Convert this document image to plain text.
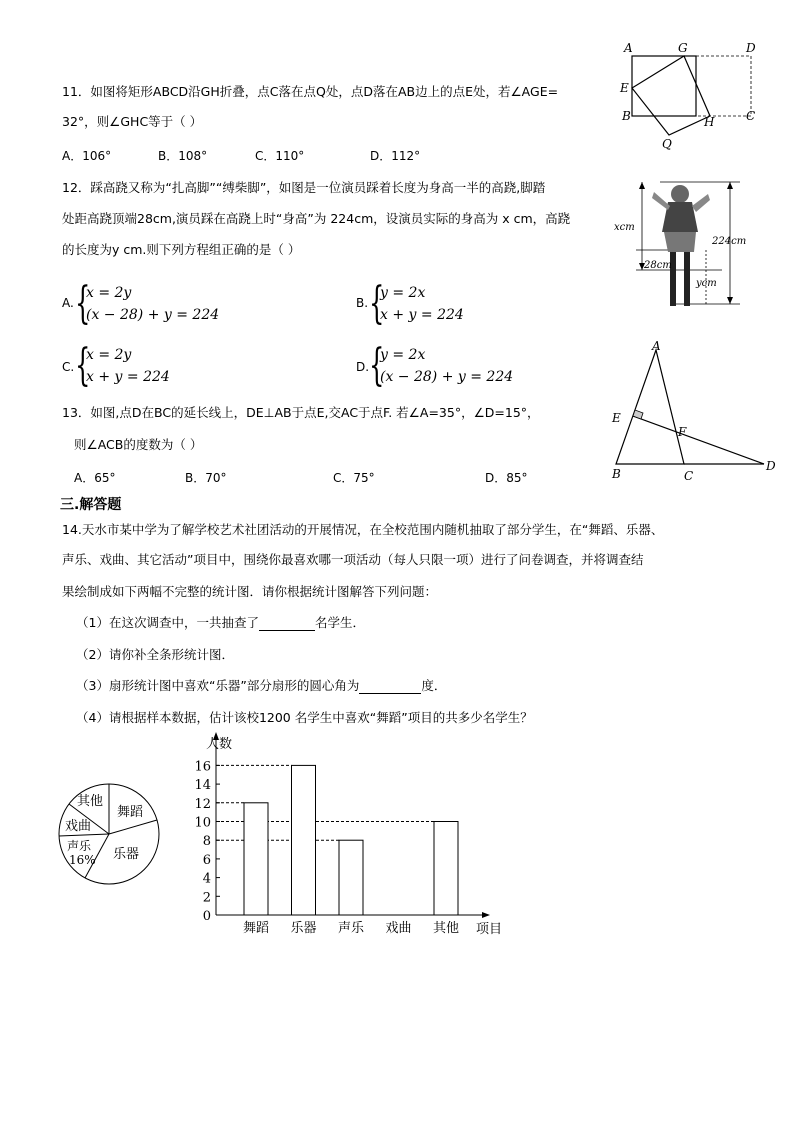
11．如图将矩形ABCD沿GH折叠，点C落在点Q处，点D落在AB边上的点E处，若∠AGE=
32°，则∠GHC等于（ ）
A．106°	B．108°	C．110°	D．112°
A	G	D
E
B	H	C
Q
12．踩高跷又称为“扎高脚”“缚柴脚”，如图是一位演员踩着长度为身高一半的高跷,脚踏
处距高跷顶端28cm,演员踩在高跷上时“身高”为 224cm，设演员实际的身高为 x cm，高跷
的长度为y cm.则下列方程组正确的是（ ）
A. {
x = 2y
(x − 28) + y = 224
B. {
y = 2x
x + y = 224
C. {
x = 2y
x + y = 224
D. {
y = 2x
(x − 28) + y = 224
xcm
224cm
28cm
ycm
13．如图,点D在BC的延长线上，DE⊥AB于点E,交AC于点F. 若∠A=35°，∠D=15°，
则∠ACB的度数为（ ）
A．65°	B．70°	C．75°	D．85°
A
E
F
B	C
D
三.解答题
14.天水市某中学为了解学校艺术社团活动的开展情况，在全校范围内随机抽取了部分学生，在“舞蹈、乐器、
声乐、戏曲、其它活动”项目中，围绕你最喜欢哪一项活动（每人只限一项）进行了问卷调查，并将调查结
果绘制成如下两幅不完整的统计图．请你根据统计图解答下列问题：
（1）在这次调查中，一共抽查了	名学生．
（2）请你补全条形统计图．
（3）扇形统计图中喜欢“乐器”部分扇形的圆心角为	度．
（4）请根据样本数据，估计该校1200 名学生中喜欢“舞蹈”项目的共多少名学生？
舞蹈
乐器
声乐
16%
戏曲
其他
人数
项目
0
2
4
6
8
10
12
14
16
舞蹈 乐器 声乐 戏曲 其他
